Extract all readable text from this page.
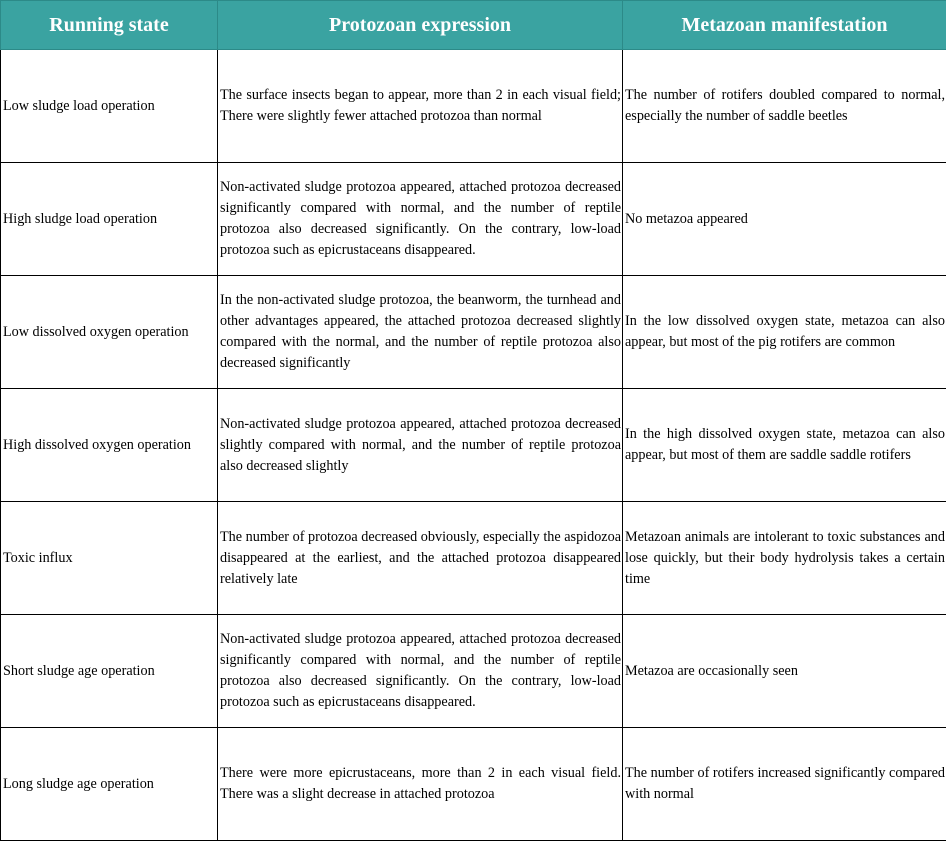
Running state	Protozoan expression	Metazoan manifestation
Low sludge load operation	The surface insects began to appear, more than 2 in each visual field; There were slightly fewer attached protozoa than normal	The number of rotifers doubled compared to normal, especially the number of saddle beetles
High sludge load operation	Non-activated sludge protozoa appeared, attached protozoa decreased significantly compared with normal, and the number of reptile protozoa also decreased significantly. On the contrary, low-load protozoa such as epicrustaceans disappeared.	No metazoa appeared
Low dissolved oxygen operation	In the non-activated sludge protozoa, the beanworm, the turnhead and other advantages appeared, the attached protozoa decreased slightly compared with the normal, and the number of reptile protozoa also decreased significantly	In the low dissolved oxygen state, metazoa can also appear, but most of the pig rotifers are common
High dissolved oxygen operation	Non-activated sludge protozoa appeared, attached protozoa decreased slightly compared with normal, and the number of reptile protozoa also decreased slightly	In the high dissolved oxygen state, metazoa can also appear, but most of them are saddle saddle rotifers
Toxic influx	The number of protozoa decreased obviously, especially the aspidozoa disappeared at the earliest, and the attached protozoa disappeared relatively late	Metazoan animals are intolerant to toxic substances and lose quickly, but their body hydrolysis takes a certain time
Short sludge age operation	Non-activated sludge protozoa appeared, attached protozoa decreased significantly compared with normal, and the number of reptile protozoa also decreased significantly. On the contrary, low-load protozoa such as epicrustaceans disappeared.	Metazoa are occasionally seen
Long sludge age operation	There were more epicrustaceans, more than 2 in each visual field. There was a slight decrease in attached protozoa	The number of rotifers increased significantly compared with normal
